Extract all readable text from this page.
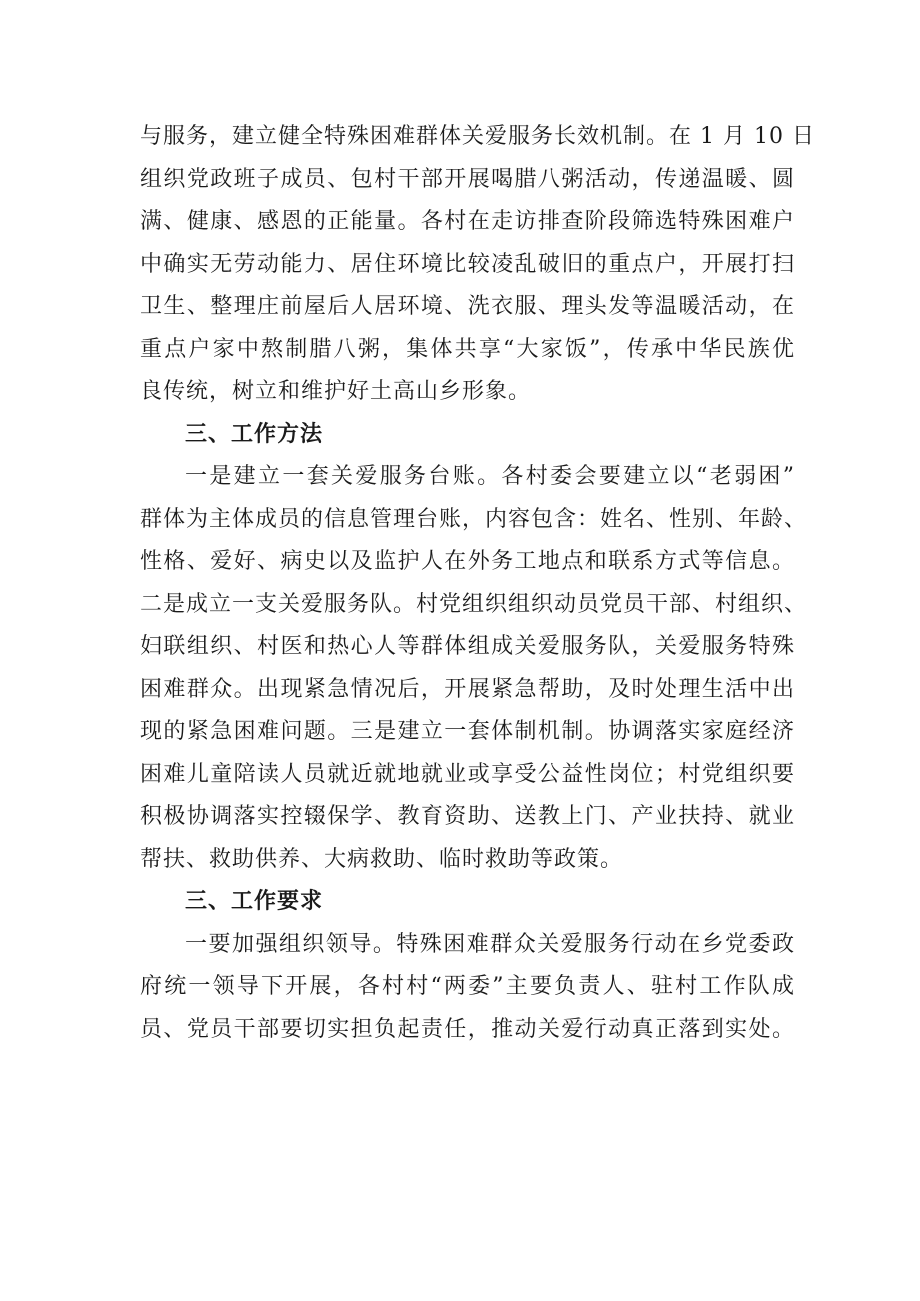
与服务，建立健全特殊困难群体关爱服务长效机制。在 1 月 10 日
组织党政班子成员、包村干部开展喝腊八粥活动，传递温暖、圆
满、健康、感恩的正能量。各村在走访排查阶段筛选特殊困难户
中确实无劳动能力、居住环境比较凌乱破旧的重点户，开展打扫
卫生、整理庄前屋后人居环境、洗衣服、理头发等温暖活动，在
重点户家中熬制腊八粥，集体共享“大家饭”，传承中华民族优
良传统，树立和维护好土高山乡形象。
三、工作方法
一是建立一套关爱服务台账。各村委会要建立以“老弱困”
群体为主体成员的信息管理台账，内容包含：姓名、性别、年龄、
性格、爱好、病史以及监护人在外务工地点和联系方式等信息。
二是成立一支关爱服务队。村党组织组织动员党员干部、村组织、
妇联组织、村医和热心人等群体组成关爱服务队，关爱服务特殊
困难群众。出现紧急情况后，开展紧急帮助，及时处理生活中出
现的紧急困难问题。三是建立一套体制机制。协调落实家庭经济
困难儿童陪读人员就近就地就业或享受公益性岗位；村党组织要
积极协调落实控辍保学、教育资助、送教上门、产业扶持、就业
帮扶、救助供养、大病救助、临时救助等政策。
三、工作要求
一要加强组织领导。特殊困难群众关爱服务行动在乡党委政
府统一领导下开展，各村村“两委”主要负责人、驻村工作队成
员、党员干部要切实担负起责任，推动关爱行动真正落到实处。
